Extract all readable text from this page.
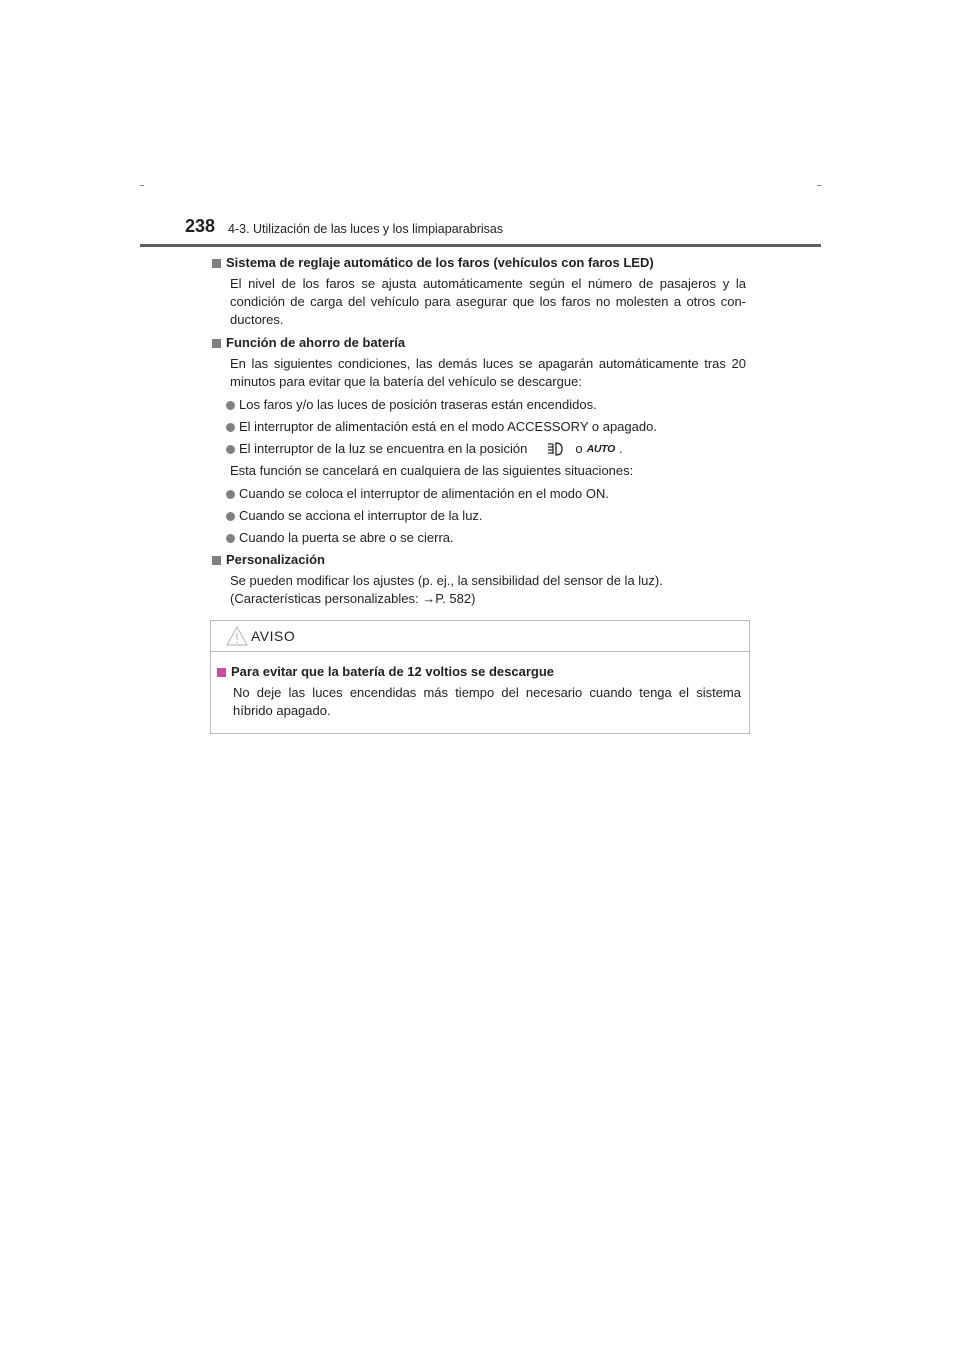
238 4-3. Utilización de las luces y los limpiaparabrisas
Sistema de reglaje automático de los faros (vehículos con faros LED)
El nivel de los faros se ajusta automáticamente según el número de pasajeros y la condición de carga del vehículo para asegurar que los faros no molesten a otros con-ductores.
Función de ahorro de batería
En las siguientes condiciones, las demás luces se apagarán automáticamente tras 20 minutos para evitar que la batería del vehículo se descargue:
Los faros y/o las luces de posición traseras están encendidos.
El interruptor de alimentación está en el modo ACCESSORY o apagado.
El interruptor de la luz se encuentra en la posición	o AUTO .
Esta función se cancelará en cualquiera de las siguientes situaciones:
Cuando se coloca el interruptor de alimentación en el modo ON.
Cuando se acciona el interruptor de la luz.
Cuando la puerta se abre o se cierra.
Personalización
Se pueden modificar los ajustes (p. ej., la sensibilidad del sensor de la luz).
(Características personalizables: →P. 582)
AVISO
Para evitar que la batería de 12 voltios se descargue
No deje las luces encendidas más tiempo del necesario cuando tenga el sistema híbrido apagado.
